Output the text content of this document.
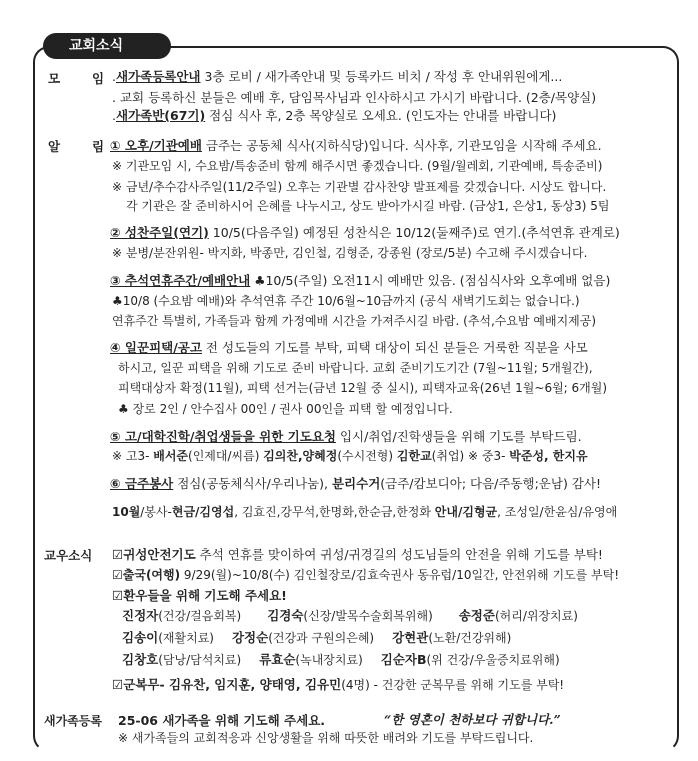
교회소식
모	임 .새가족등록안내 3층 로비 / 새가족안내 및 등록카드 비치 / 작성 후 안내위원에게...
. 교회 등록하신 분들은 예배 후, 담임목사님과 인사하시고 가시기 바랍니다. (2층/목양실)
.새가족반(67기) 점심 식사 후, 2층 목양실로 오세요. (인도자는 안내를 바랍니다)
알	림 ① 오후/기관예배 금주는 공동체 식사(지하식당)입니다. 식사후, 기관모임을 시작해 주세요.
※ 기관모임 시, 수요밤/특송준비 함께 해주시면 좋겠습니다. (9월/월레회, 기관예배, 특송준비)
※ 금년/추수감사주일(11/2주일) 오후는 기관별 감사찬양 발표제를 갖겠습니다. 시상도 합니다.
각 기관은 잘 준비하시어 은혜를 나누시고, 상도 받아가시길 바람. (금상1, 은상1, 동상3) 5팀
② 성찬주일(연기) 10/5(다음주일) 예정된 성찬식은 10/12(둘째주)로 연기.(추석연휴 관계로)
※ 분병/분잔위원- 박지화, 박종만, 김인철, 김형준, 강종원 (장로/5분) 수고해 주시겠습니다.
③ 추석연휴주간/예배안내 ♣10/5(주일) 오전11시 예배만 있음. (점심식사와 오후예배 없음)
♣10/8 (수요밤 예배)와 추석연휴 주간 10/6월~10금까지 (공식 새벽기도회는 없습니다.)
연휴주간 특별히, 가족들과 함께 가정예배 시간을 가져주시길 바람. (추석,수요밤 예배지제공)
④ 일꾼피택/공고 전 성도들의 기도를 부탁, 피택 대상이 되신 분들은 거룩한 직분을 사모
하시고, 일꾼 피택을 위해 기도로 준비 바랍니다. 교회 준비기도기간 (7월~11월; 5개월간),
피택대상자 확정(11월), 피택 선거는(금년 12월 중 실시), 피택자교육(26년 1월~6월; 6개월)
♣ 장로 2인 / 안수집사 00인 / 권사 00인을 피택 할 예정입니다.
⑤ 고/대학진학/취업생들을 위한 기도요청 입시/취업/진학생들을 위해 기도를 부탁드림.
※ 고3- 배서준(인제대/씨름) 김의찬,양혜정(수시전형) 김한교(취업) ※ 중3- 박준성, 한지유
⑥ 금주봉사 점심(공동체식사/우리나눔), 분리수거(금주/캄보디아; 다음/주동행;운남) 감사!
10월/봉사-현금/김영섭, 김효진,강무석,한명화,한순금,한정화 안내/김형균, 조성일/한윤심/유영애
교우소식 ☑귀성안전기도 추석 연휴를 맞이하여 귀성/귀경길의 성도님들의 안전을 위해 기도를 부탁!
☑출국(여행) 9/29(월)~10/8(수) 김인철장로/김효숙권사 동유럽/10일간, 안전위해 기도를 부탁!
☑환우들을 위해 기도해 주세요!
진정자(건강/걸음회복) 김경숙(신장/발목수술회복위해) 송정준(허리/위장치료)
김송이(재활치료) 강정순(건강과 구원의은혜) 강현관(노환/건강위해)
김창호(담낭/담석치료) 류효순(녹내장치료) 김순자B(위 건강/우울증치료위해)
☑군복무- 김유찬, 임지훈, 양태영, 김유민(4명) - 건강한 군복무를 위해 기도를 부탁!
새가족등록 25-06 새가족을 위해 기도해 주세요.	“한 영혼이 천하보다 귀합니다.”
※ 새가족들의 교회적응과 신앙생활을 위해 따뜻한 배려와 기도를 부탁드립니다.
